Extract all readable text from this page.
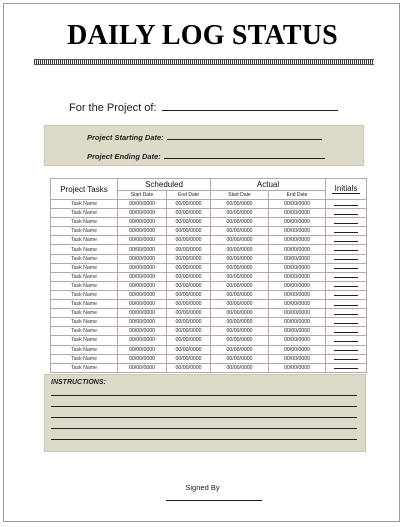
DAILY LOG STATUS
For the Project of:
Project Starting Date:
Project Ending Date:
Project Tasks	Scheduled		Actual		Initials

	Start Date	End Date	Start Date	End Date	
Task Name	00/00/0000	00/00/0000	00/00/0000	00/00/0000	
Task Name	00/00/0000	00/00/0000	00/00/0000	00/00/0000	
Task Name	00/00/0000	00/00/0000	00/00/0000	00/00/0000	
Task Name	00/00/0000	00/00/0000	00/00/0000	00/00/0000	
Task Name	00/00/0000	00/00/0000	00/00/0000	00/00/0000	
Task Name	00/00/0000	00/00/0000	00/00/0000	00/00/0000	
Task Name	00/00/0000	00/00/0000	00/00/0000	00/00/0000	
Task Name	00/00/0000	00/00/0000	00/00/0000	00/00/0000	
Task Name	00/00/0000	00/00/0000	00/00/0000	00/00/0000	
Task Name	00/00/0000	00/00/0000	00/00/0000	00/00/0000	
Task Name	00/00/0000	00/00/0000	00/00/0000	00/00/0000	
Task Name	00/00/0000	00/00/0000	00/00/0000	00/00/0000	
Task Name	00/00/0000	00/00/0000	00/00/0000	00/00/0000	
Task Name	00/00/0000	00/00/0000	00/00/0000	00/00/0000	
Task Name	00/00/0000	00/00/0000	00/00/0000	00/00/0000	
Task Name	00/00/0000	00/00/0000	00/00/0000	00/00/0000	
Task Name	00/00/0000	00/00/0000	00/00/0000	00/00/0000	
Task Name	00/00/0000	00/00/0000	00/00/0000	00/00/0000	
Task Name	00/00/0000	00/00/0000	00/00/0000	00/00/0000	
INSTRUCTIONS:
Signed By
